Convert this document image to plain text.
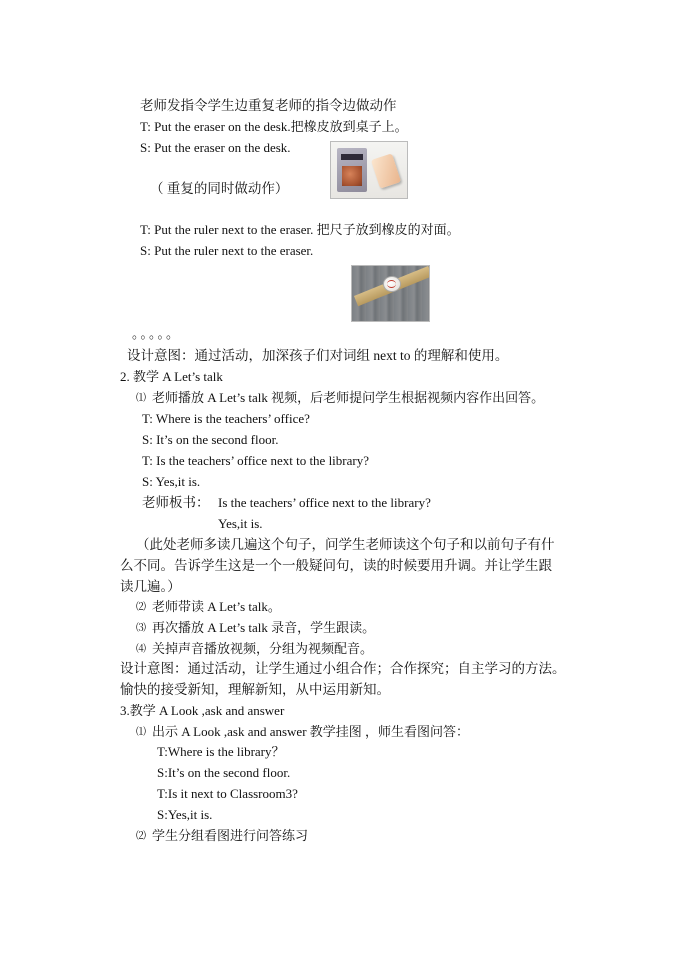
老师发指令学生边重复老师的指令边做动作
T: Put the eraser on the desk.把橡皮放到桌子上。
S: Put the eraser on the desk.
（ 重复的同时做动作）
T: Put the ruler next to the eraser. 把尺子放到橡皮的对面。
S: Put the ruler next to the eraser.
。。。。。
设计意图：通过活动，加深孩子们对词组 next to 的理解和使用。
2. 教学 A Let’s talk
⑴ 老师播放 A Let’s talk 视频，后老师提问学生根据视频内容作出回答。
T: Where is the teachers’ office?
S: It’s on the second floor.
T: Is the teachers’ office next to the library?
S: Yes,it is.
老师板书： Is the teachers’ office next to the library?
Yes,it is.
（此处老师多读几遍这个句子，问学生老师读这个句子和以前句子有什
么不同。告诉学生这是一个一般疑问句，读的时候要用升调。并让学生跟
读几遍。）
⑵ 老师带读 A Let’s talk。
⑶ 再次播放 A Let’s talk 录音，学生跟读。
⑷ 关掉声音播放视频，分组为视频配音。
设计意图：通过活动，让学生通过小组合作；合作探究；自主学习的方法。
愉快的接受新知，理解新知，从中运用新知。
3.教学 A Look ,ask and answer
⑴ 出示 A Look ,ask and answer 教学挂图 ，师生看图问答：
T:Where is the library？
S:It’s on the second floor.
T:Is it next to Classroom3?
S:Yes,it is.
⑵ 学生分组看图进行问答练习
